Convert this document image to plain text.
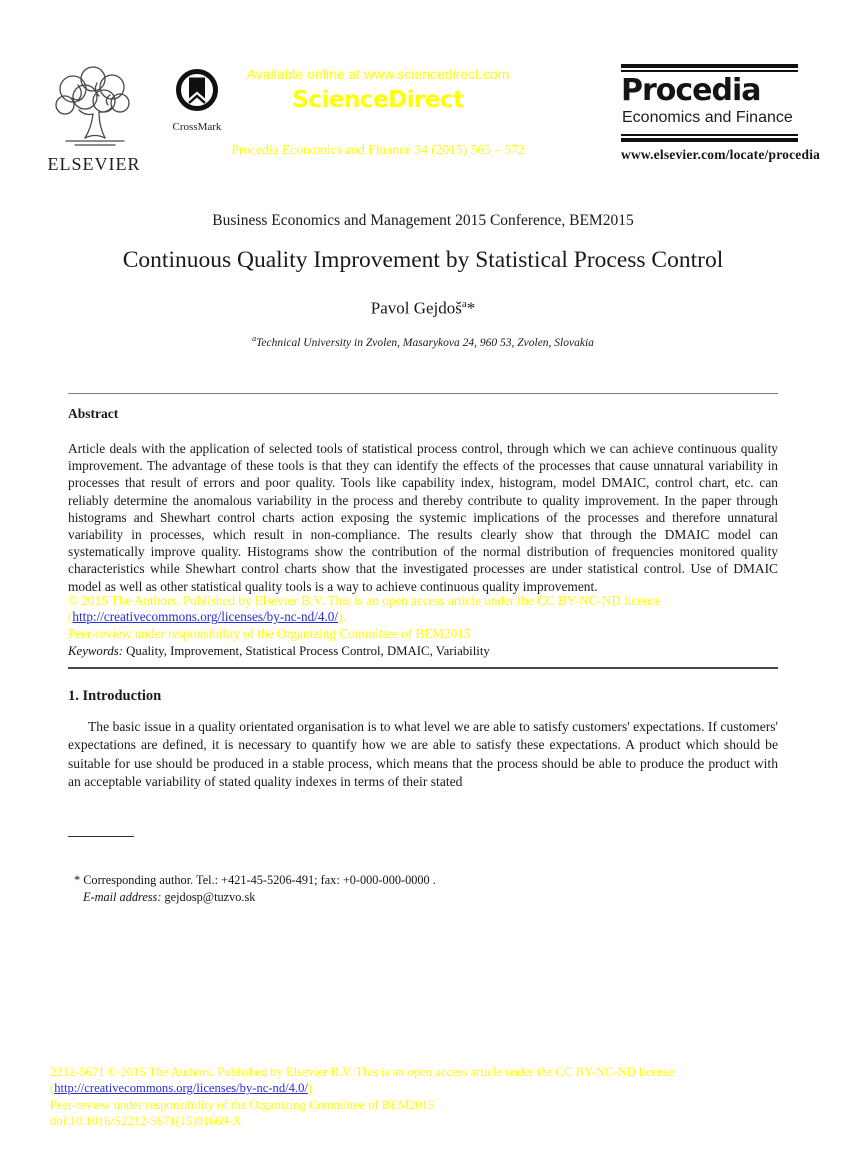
ELSEVIER
CrossMark
Available online at www.sciencedirect.com
ScienceDirect
Procedia Economics and Finance 34 (2015) 565 – 572
Procedia
Economics and Finance
www.elsevier.com/locate/procedia
Business Economics and Management 2015 Conference, BEM2015
Continuous Quality Improvement by Statistical Process Control
Pavol Gejdoš$^a$*
$^a$Technical University in Zvolen, Masarykova 24, 960 53, Zvolen, Slovakia
Abstract
Article deals with the application of selected tools of statistical process control, through which we can achieve continuous quality improvement. The advantage of these tools is that they can identify the effects of the processes that cause unnatural variability in processes that result of errors and poor quality. Tools like capability index, histogram, model DMAIC, control chart, etc. can reliably determine the anomalous variability in the process and thereby contribute to quality improvement. In the paper through histograms and Shewhart control charts action exposing the systemic implications of the processes and therefore unnatural variability in processes, which result in non-compliance. The results clearly show that through the DMAIC model can systematically improve quality. Histograms show the contribution of the normal distribution of frequencies monitored quality characteristics while Shewhart control charts show that the investigated processes are under statistical control. Use of DMAIC model as well as other statistical quality tools is a way to achieve continuous quality improvement.
© 2015 The Authors. Published by Elsevier B.V. This is an open access article under the CC BY-NC-ND license
(http://creativecommons.org/licenses/by-nc-nd/4.0/).
Peer-review under responsibility of the Organizing Committee of BEM2015
Keywords: Quality, Improvement, Statistical Process Control, DMAIC, Variability
1. Introduction
The basic issue in a quality orientated organisation is to what level we are able to satisfy customers' expectations. If customers' expectations are defined, it is necessary to quantify how we are able to satisfy these expectations. A product which should be suitable for use should be produced in a stable process, which means that the process should be able to produce the product with an acceptable variability of stated quality indexes in terms of their stated
* Corresponding author. Tel.: +421-45-5206-491; fax: +0-000-000-0000 .
E-mail address: gejdosp@tuzvo.sk
2212-5671 © 2015 The Authors. Published by Elsevier B.V. This is an open access article under the CC BY-NC-ND license
(http://creativecommons.org/licenses/by-nc-nd/4.0/).
Peer-review under responsibility of the Organizing Committee of BEM2015
doi:10.1016/S2212-5671(15)01669-X
